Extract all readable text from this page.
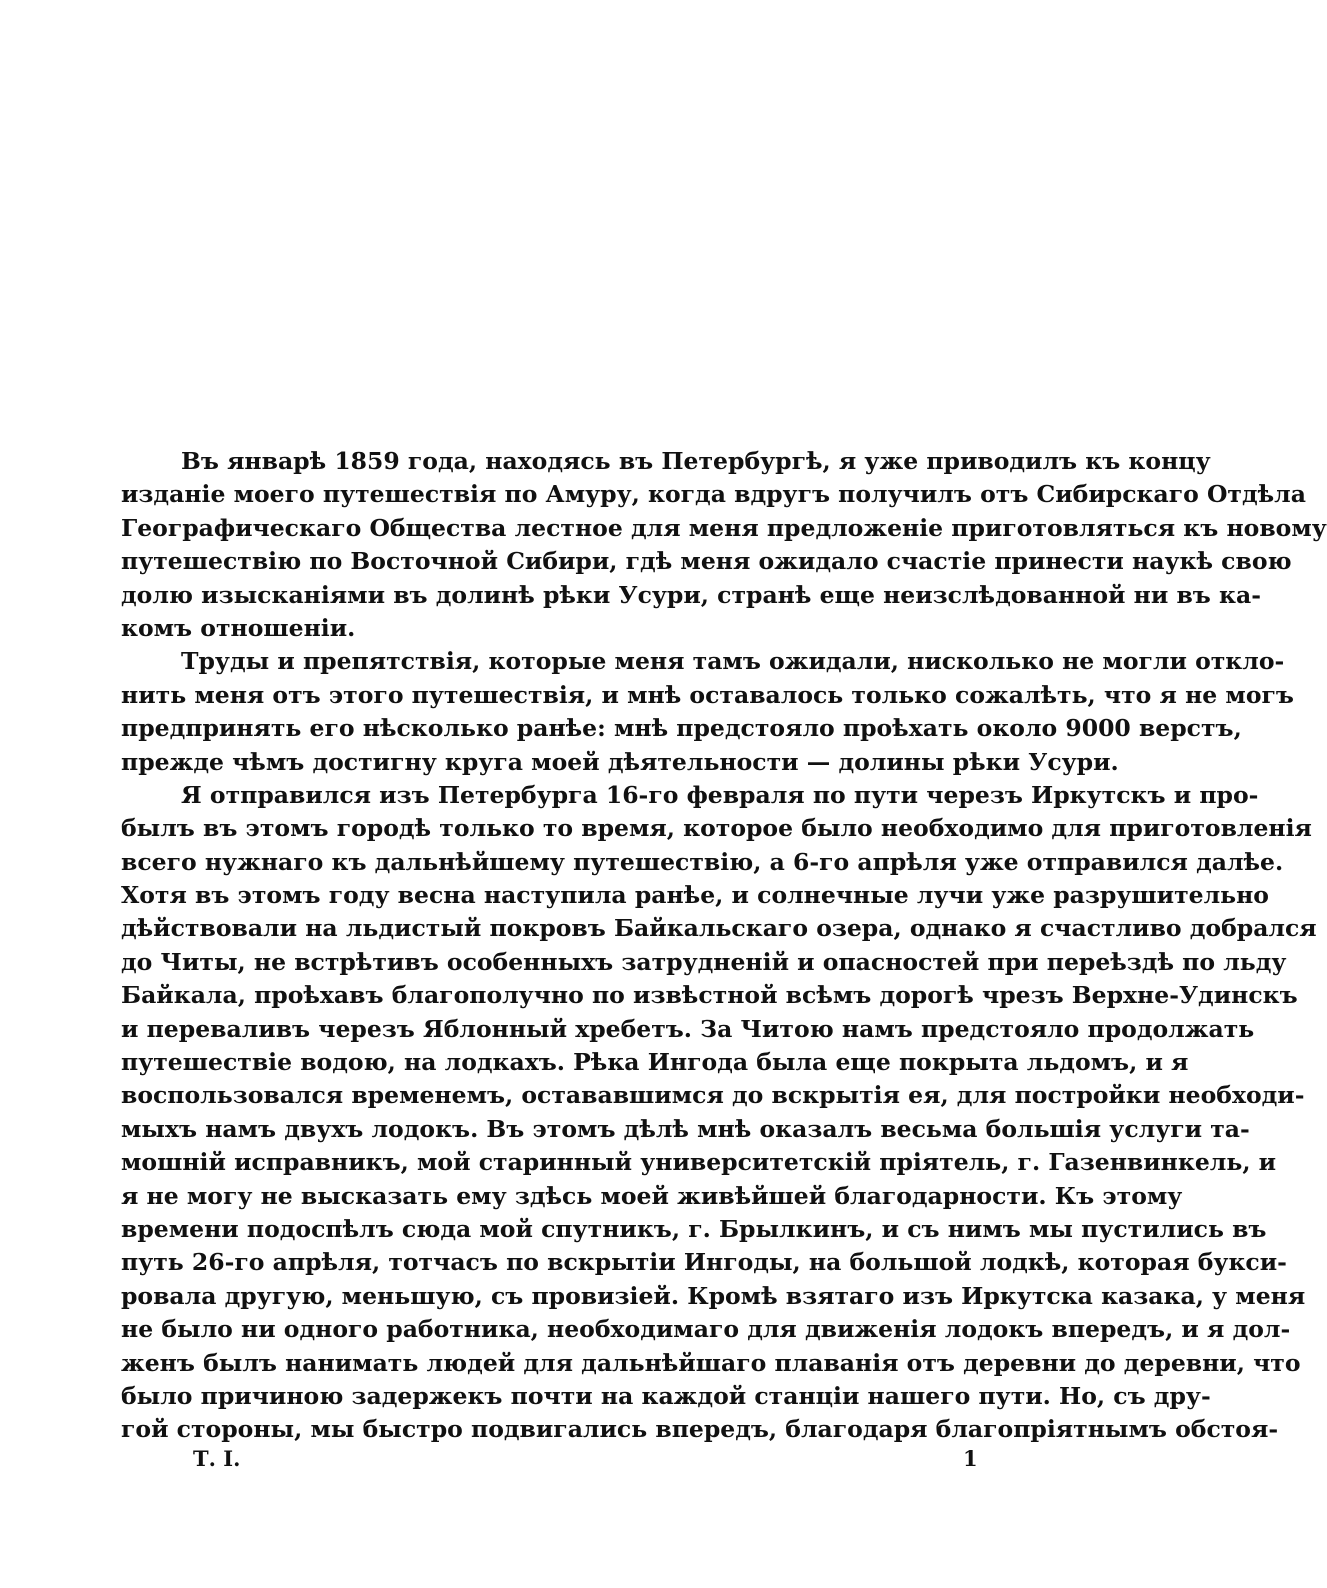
Въ январѣ 1859 года, находясь въ Петербургѣ, я уже приводилъ къ концу
изданіе моего путешествія по Амуру, когда вдругъ получилъ отъ Сибирскаго Отдѣла
Географическаго Общества лестное для меня предложеніе приготовляться къ новому
путешествію по Восточной Сибири, гдѣ меня ожидало счастіе принести наукѣ свою
долю изысканіями въ долинѣ рѣки Усури, странѣ еще неизслѣдованной ни въ ка-
комъ отношеніи.
Труды и препятствія, которые меня тамъ ожидали, нисколько не могли откло-
нить меня отъ этого путешествія, и мнѣ оставалось только сожалѣть, что я не могъ
предпринять его нѣсколько ранѣе: мнѣ предстояло проѣхать около 9000 верстъ,
прежде чѣмъ достигну круга моей дѣятельности — долины рѣки Усури.
Я отправился изъ Петербурга 16-го февраля по пути черезъ Иркутскъ и про-
былъ въ этомъ городѣ только то время, которое было необходимо для приготовленія
всего нужнаго къ дальнѣйшему путешествію, а 6-го апрѣля уже отправился далѣе.
Хотя въ этомъ году весна наступила ранѣе, и солнечные лучи уже разрушительно
дѣйствовали на льдистый покровъ Байкальскаго озера, однако я счастливо добрался
до Читы, не встрѣтивъ особенныхъ затрудненій и опасностей при переѣздѣ по льду
Байкала, проѣхавъ благополучно по извѣстной всѣмъ дорогѣ чрезъ Верхне-Удинскъ
и переваливъ черезъ Яблонный хребетъ. За Читою намъ предстояло продолжать
путешествіе водою, на лодкахъ. Рѣка Ингода была еще покрыта льдомъ, и я
воспользовался временемъ, остававшимся до вскрытія ея, для постройки необходи-
мыхъ намъ двухъ лодокъ. Въ этомъ дѣлѣ мнѣ оказалъ весьма большія услуги та-
мошній исправникъ, мой старинный университетскій пріятель, г. Газенвинкель, и
я не могу не высказать ему здѣсь моей живѣйшей благодарности. Къ этому
времени подоспѣлъ сюда мой спутникъ, г. Брылкинъ, и съ нимъ мы пустились въ
путь 26-го апрѣля, тотчасъ по вскрытіи Ингоды, на большой лодкѣ, которая букси-
ровала другую, меньшую, съ провизіей. Кромѣ взятаго изъ Иркутска казака, у меня
не было ни одного работника, необходимаго для движенія лодокъ впередъ, и я дол-
женъ былъ нанимать людей для дальнѣйшаго плаванія отъ деревни до деревни, что
было причиною задержекъ почти на каждой станціи нашего пути. Но, съ дру-
гой стороны, мы быстро подвигались впередъ, благодаря благопріятнымъ обстоя-
Т. I.	1
